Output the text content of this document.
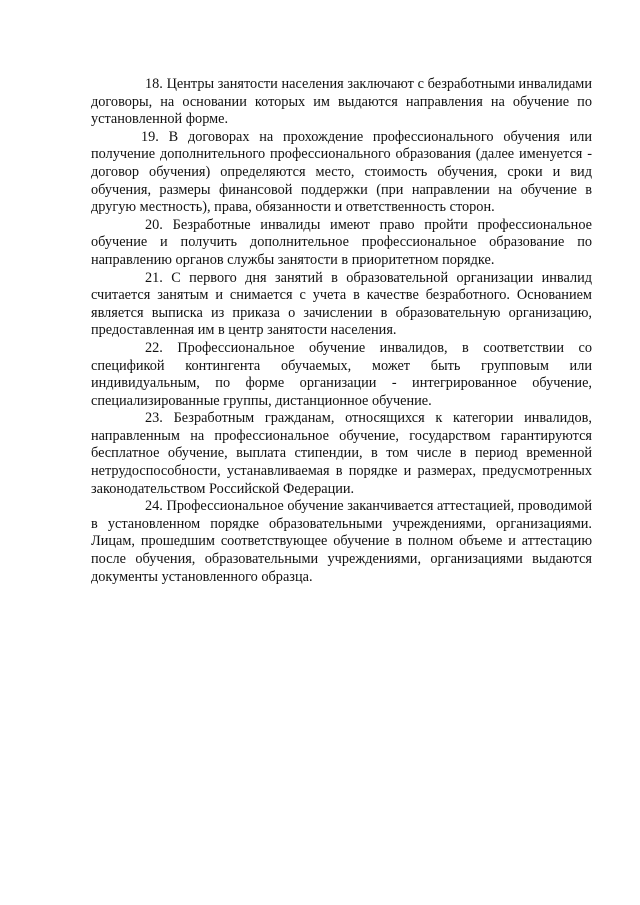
18. Центры занятости населения заключают с безработными инвалидами договоры, на основании которых им выдаются направления на обучение по установленной форме.

19. В договорах на прохождение профессионального обучения или получение дополнительного профессионального образования (далее именуется - договор обучения) определяются место, стоимость обучения, сроки и вид обучения, размеры финансовой поддержки (при направлении на обучение в другую местность), права, обязанности и ответственность сторон.

20. Безработные инвалиды имеют право пройти профессиональное обучение и получить дополнительное профессиональное образование по направлению органов службы занятости в приоритетном порядке.

21. С первого дня занятий в образовательной организации инвалид считается занятым и снимается с учета в качестве безработного. Основанием является выписка из приказа о зачислении в образовательную организацию, предоставленная им в центр занятости населения.

22. Профессиональное обучение инвалидов, в соответствии со спецификой контингента обучаемых, может быть групповым или индивидуальным, по форме организации - интегрированное обучение, специализированные группы, дистанционное обучение.

23. Безработным гражданам, относящихся к категории инвалидов, направленным на профессиональное обучение, государством гарантируются бесплатное обучение, выплата стипендии, в том числе в период временной нетрудоспособности, устанавливаемая в порядке и размерах, предусмотренных законодательством Российской Федерации.

24. Профессиональное обучение заканчивается аттестацией, проводимой в установленном порядке образовательными учреждениями, организациями. Лицам, прошедшим соответствующее обучение в полном объеме и аттестацию после обучения, образовательными учреждениями, организациями выдаются документы установленного образца.
